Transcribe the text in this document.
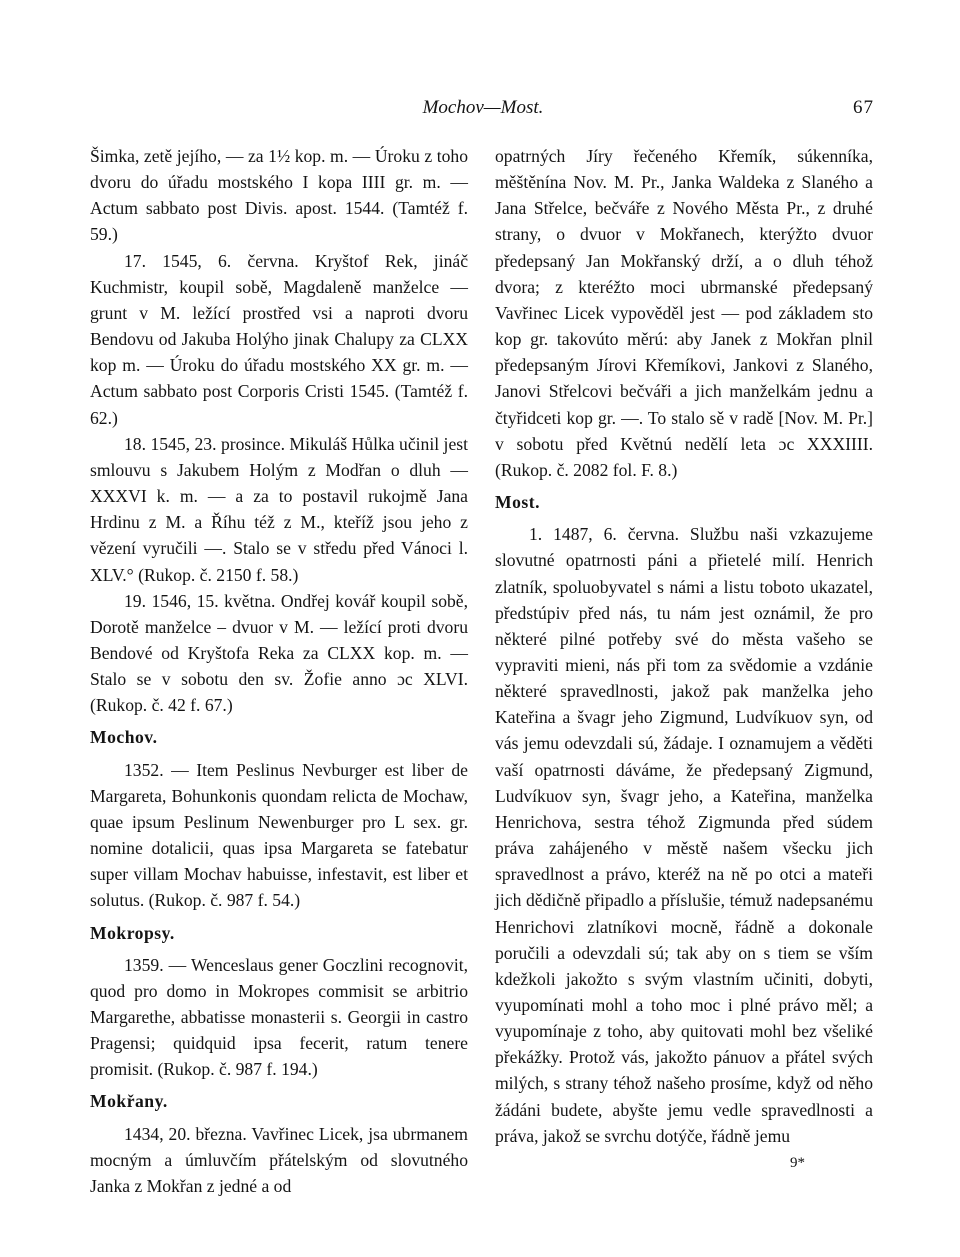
Mochov—Most.	67

Šimka, zetě jejího, — za 1½ kop. m. — Úroku z toho dvoru do úřadu mostského I kopa IIII gr. m. — Actum sabbato post Divis. apost. 1544. (Tamtéž f. 59.)

17. 1545, 6. června. Kryštof Rek, jináč Kuchmistr, koupil sobě, Magdaleně manželce — grunt v M. ležící prostřed vsi a naproti dvoru Bendovu od Jakuba Holýho jinak Chalupy za CLXX kop m. — Úroku do úřadu mostského XX gr. m. — Actum sabbato post Corporis Cristi 1545. (Tamtéž f. 62.)

18. 1545, 23. prosince. Mikuláš Hůlka učinil jest smlouvu s Jakubem Holým z Modřan o dluh — XXXVI k. m. — a za to postavil rukojmě Jana Hrdinu z M. a Říhu též z M., kteříž jsou jeho z vězení vyručili —. Stalo se v středu před Vánoci l. XLV.° (Rukop. č. 2150 f. 58.)

19. 1546, 15. května. Ondřej kovář koupil sobě, Dorotě manželce – dvuor v M. — ležící proti dvoru Bendové od Kryštofa Reka za CLXX kop. m. — Stalo se v sobotu den sv. Žofie anno ɔc XLVI. (Rukop. č. 42 f. 67.)

Mochov.

1352. — Item Peslinus Nevburger est liber de Margareta, Bohunkonis quondam relicta de Mochaw, quae ipsum Peslinum Newenburger pro L sex. gr. nomine dotalicii, quas ipsa Margareta se fatebatur super villam Mochav habuisse, infestavit, est liber et solutus. (Rukop. č. 987 f. 54.)

Mokropsy.

1359. — Wenceslaus gener Goczlini recognovit, quod pro domo in Mokropes commisit se arbitrio Margarethe, abbatisse monasterii s. Georgii in castro Pragensi; quidquid ipsa fecerit, ratum tenere promisit. (Rukop. č. 987 f. 194.)

Mokřany.

1434, 20. března. Vavřinec Licek, jsa ubrmanem mocným a úmluvčím přátelským od slovutného Janka z Mokřan z jedné a od

opatrných Jíry řečeného Křemík, súkenníka, měštěnína Nov. M. Pr., Janka Waldeka z Slaného a Jana Střelce, bečváře z Nového Města Pr., z druhé strany, o dvuor v Mokřanech, kterýžto dvuor předepsaný Jan Mokřanský drží, a o dluh téhož dvora; z kteréžto moci ubrmanské předepsaný Vavřinec Licek vypověděl jest — pod základem sto kop gr. takovúto měrú: aby Janek z Mokřan plnil předepsaným Jírovi Křemíkovi, Jankovi z Slaného, Janovi Střelcovi bečváři a jich manželkám jednu a čtyřidceti kop gr. —. To stalo sě v radě [Nov. M. Pr.] v sobotu před Květnú nedělí leta ɔc XXXIIII. (Rukop. č. 2082 fol. F. 8.)

Most.

1. 1487, 6. června. Službu naši vzkazujeme slovutné opatrnosti páni a přietelé milí. Henrich zlatník, spoluobyvatel s námi a listu toboto ukazatel, předstúpiv před nás, tu nám jest oznámil, že pro některé pilné potřeby své do města vašeho se vypraviti mieni, nás při tom za svědomie a vzdánie některé spravedlnosti, jakož pak manželka jeho Kateřina a švagr jeho Zigmund, Ludvíkuov syn, od vás jemu odevzdali sú, žádaje. I oznamujem a věděti vaší opatrnosti dáváme, že předepsaný Zigmund, Ludvíkuov syn, švagr jeho, a Kateřina, manželka Henrichova, sestra téhož Zigmunda před súdem práva zahájeného v městě našem všecku jich spravedlnost a právo, kteréž na ně po otci a mateři jich dědičně připadlo a příslušie, témuž nadepsanému Henrichovi zlatníkovi mocně, řádně a dokonale poručili a odevzdali sú; tak aby on s tiem se vším kdežkoli jakožto s svým vlastním učiniti, dobyti, vyupomínati mohl a toho moc i plné právo měl; a vyupomínaje z toho, aby quitovati mohl bez všeliké překážky. Protož vás, jakožto pánuov a přátel svých milých, s strany téhož našeho prosíme, když od něho žádáni budete, abyšte jemu vedle spravedlnosti a práva, jakož se svrchu dotýče, řádně jemu

9*
